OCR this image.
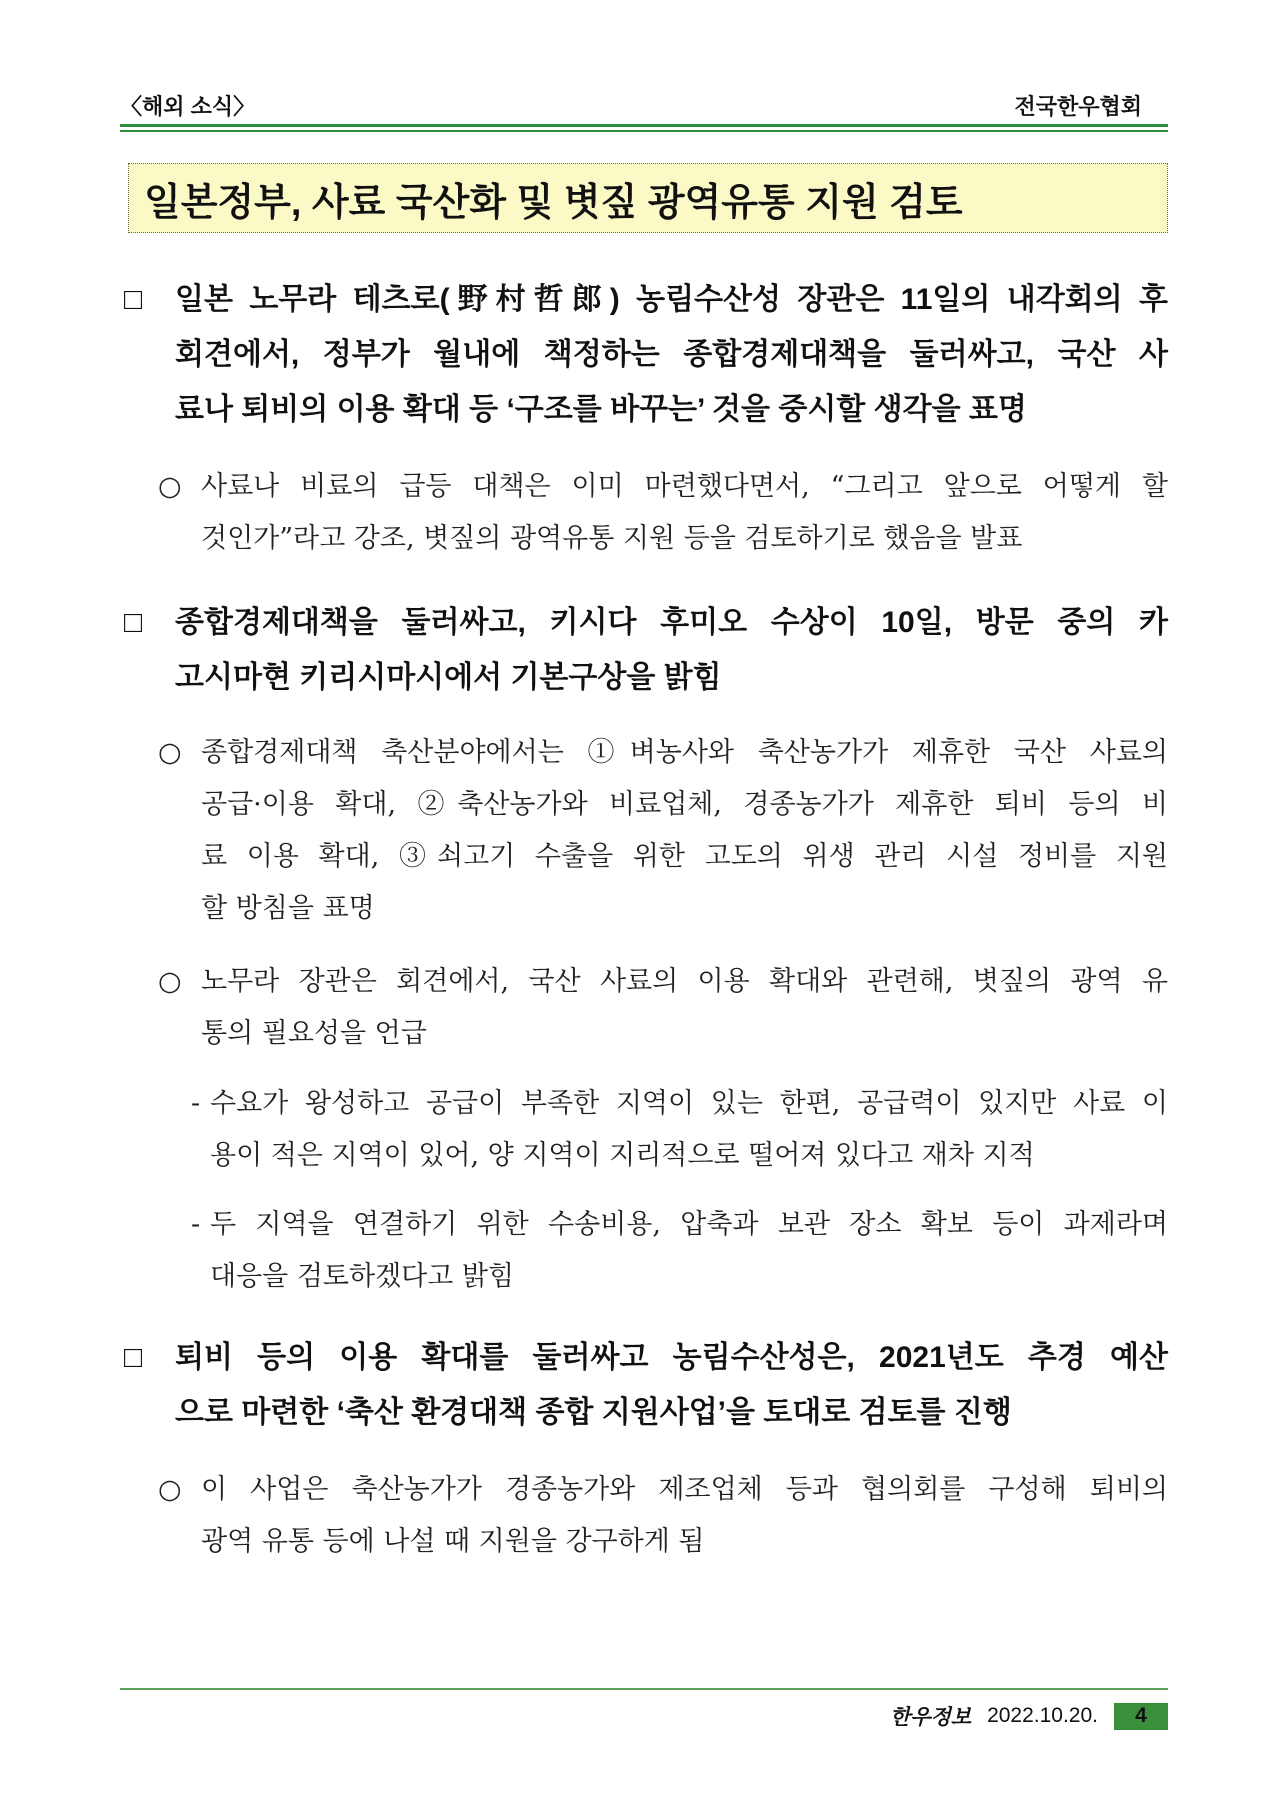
〈해외 소식〉	전국한우협회
일본정부, 사료 국산화 및 볏짚 광역유통 지원 검토
□ 일본 노무라 테츠로(野村哲郎) 농림수산성 장관은 11일의 내각회의 후
회견에서, 정부가 월내에 책정하는 종합경제대책을 둘러싸고, 국산 사
료나 퇴비의 이용 확대 등 ‘구조를 바꾸는’ 것을 중시할 생각을 표명
○ 사료나 비료의 급등 대책은 이미 마련했다면서, “그리고 앞으로 어떻게 할
것인가”라고 강조, 볏짚의 광역유통 지원 등을 검토하기로 했음을 발표
□ 종합경제대책을 둘러싸고, 키시다 후미오 수상이 10일, 방문 중의 카
고시마현 키리시마시에서 기본구상을 밝힘
○ 종합경제대책 축산분야에서는 ①벼농사와 축산농가가 제휴한 국산 사료의
공급·이용 확대, ②축산농가와 비료업체, 경종농가가 제휴한 퇴비 등의 비
료 이용 확대, ③쇠고기 수출을 위한 고도의 위생 관리 시설 정비를 지원
할 방침을 표명
○ 노무라 장관은 회견에서, 국산 사료의 이용 확대와 관련해, 볏짚의 광역 유
통의 필요성을 언급
- 수요가 왕성하고 공급이 부족한 지역이 있는 한편, 공급력이 있지만 사료 이
용이 적은 지역이 있어, 양 지역이 지리적으로 떨어져 있다고 재차 지적
- 두 지역을 연결하기 위한 수송비용, 압축과 보관 장소 확보 등이 과제라며
대응을 검토하겠다고 밝힘
□ 퇴비 등의 이용 확대를 둘러싸고 농림수산성은, 2021년도 추경 예산
으로 마련한 ‘축산 환경대책 종합 지원사업’을 토대로 검토를 진행
○ 이 사업은 축산농가가 경종농가와 제조업체 등과 협의회를 구성해 퇴비의
광역 유통 등에 나설 때 지원을 강구하게 됨
한우정보 2022.10.20.	4
